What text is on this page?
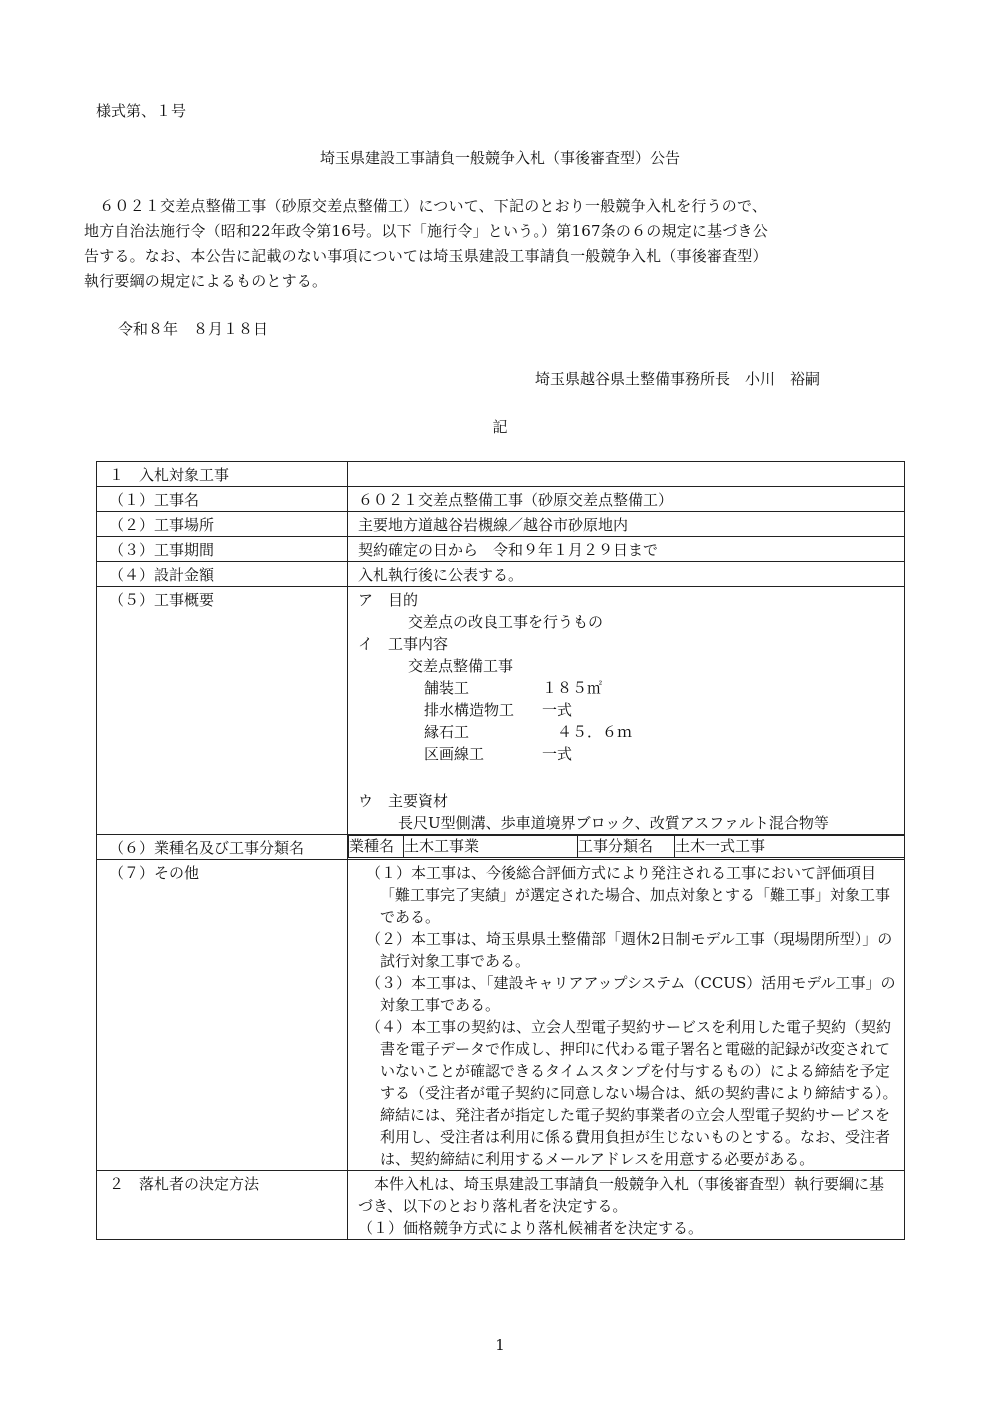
様式第、１号
埼玉県建設工事請負一般競争入札（事後審査型）公告
　６０２１交差点整備工事（砂原交差点整備工）について、下記のとおり一般競争入札を行うので、
地方自治法施行令（昭和22年政令第16号。以下「施行令」という。）第167条の６の規定に基づき公
告する。なお、本公告に記載のない事項については埼玉県建設工事請負一般競争入札（事後審査型）
執行要綱の規定によるものとする。
令和８年　８月１８日
埼玉県越谷県土整備事務所長　小川　裕嗣
記
１　入札対象工事	
（１）工事名	６０２１交差点整備工事（砂原交差点整備工）
（２）工事場所	主要地方道越谷岩槻線／越谷市砂原地内
（３）工事期間	契約確定の日から　令和９年１月２９日まで
（４）設計金額	入札執行後に公表する。
（５）工事概要	ア　目的
交差点の改良工事を行うもの
イ　工事内容
交差点整備工事
舗装工	１８５㎡
排水構造物工 一式
縁石工	　４５．６ｍ
区画線工	一式
ウ　主要資材
長尺U型側溝、歩車道境界ブロック、改質アスファルト混合物等

（６）業種名及び工事分類名		業種名	土木工事業	工事分類名	土木一式工事

（７）その他	（１）本工事は、今後総合評価方式により発注される工事において評価項目「難工事完了実績」が選定された場合、加点対象とする「難工事」対象工事である。
（２）本工事は、埼玉県県土整備部「週休2日制モデル工事（現場閉所型）」の試行対象工事である。
（３）本工事は、「建設キャリアアップシステム（CCUS）活用モデル工事」の対象工事である。
（４）本工事の契約は、立会人型電子契約サービスを利用した電子契約（契約書を電子データで作成し、押印に代わる電子署名と電磁的記録が改変されていないことが確認できるタイムスタンプを付与するもの）による締結を予定する（受注者が電子契約に同意しない場合は、紙の契約書により締結する）。締結には、発注者が指定した電子契約事業者の立会人型電子契約サービスを利用し、受注者は利用に係る費用負担が生じないものとする。なお、受注者は、契約締結に利用するメールアドレスを用意する必要がある。

２　落札者の決定方法	本件入札は、埼玉県建設工事請負一般競争入札（事後審査型）執行要綱に基づき、以下のとおり落札者を決定する。
（１）価格競争方式により落札候補者を決定する。
1
